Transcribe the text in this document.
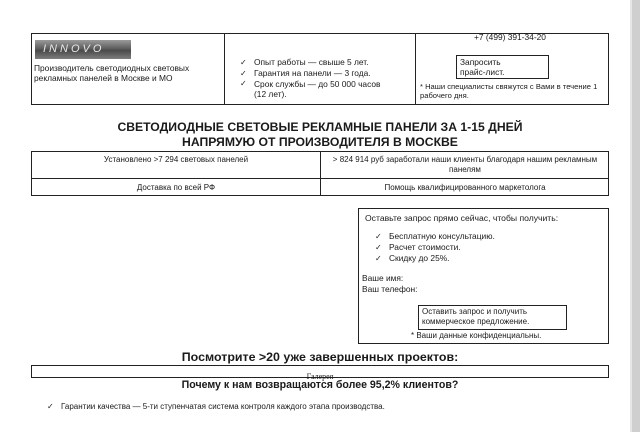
INNOVO
Производитель светодиодных световых рекламных панелей в Москве и МО
✓ Опыт работы — свыше 5 лет.
✓ Гарантия на панели — 3 года.
✓ Срок службы — до 50 000 часов (12 лет).
+7 (499) 391-34-20
Запросить прайс-лист.
* Наши специалисты свяжутся с Вами в течение 1 рабочего дня.
СВЕТОДИОДНЫЕ СВЕТОВЫЕ РЕКЛАМНЫЕ ПАНЕЛИ ЗА 1-15 ДНЕЙ
НАПРЯМУЮ ОТ ПРОИЗВОДИТЕЛЯ В МОСКВЕ
Установлено >7 294 световых панелей	> 824 914 руб заработали наши клиенты благодаря нашим рекламным панелям
Доставка по всей РФ	Помощь квалифицированного маркетолога
Оставьте запрос прямо сейчас, чтобы получить:
✓ Бесплатную консультацию.
✓ Расчет стоимости.
✓ Скидку до 25%.
Ваше имя:
Ваш телефон:
Оставить запрос и получить коммерческое предложение.
* Ваши данные конфиденциальны.
Посмотрите >20 уже завершенных проектов:
Галерея
Почему к нам возвращаются более 95,2% клиентов?
✓ Гарантии качества — 5-ти ступенчатая система контроля каждого этапа производства.
